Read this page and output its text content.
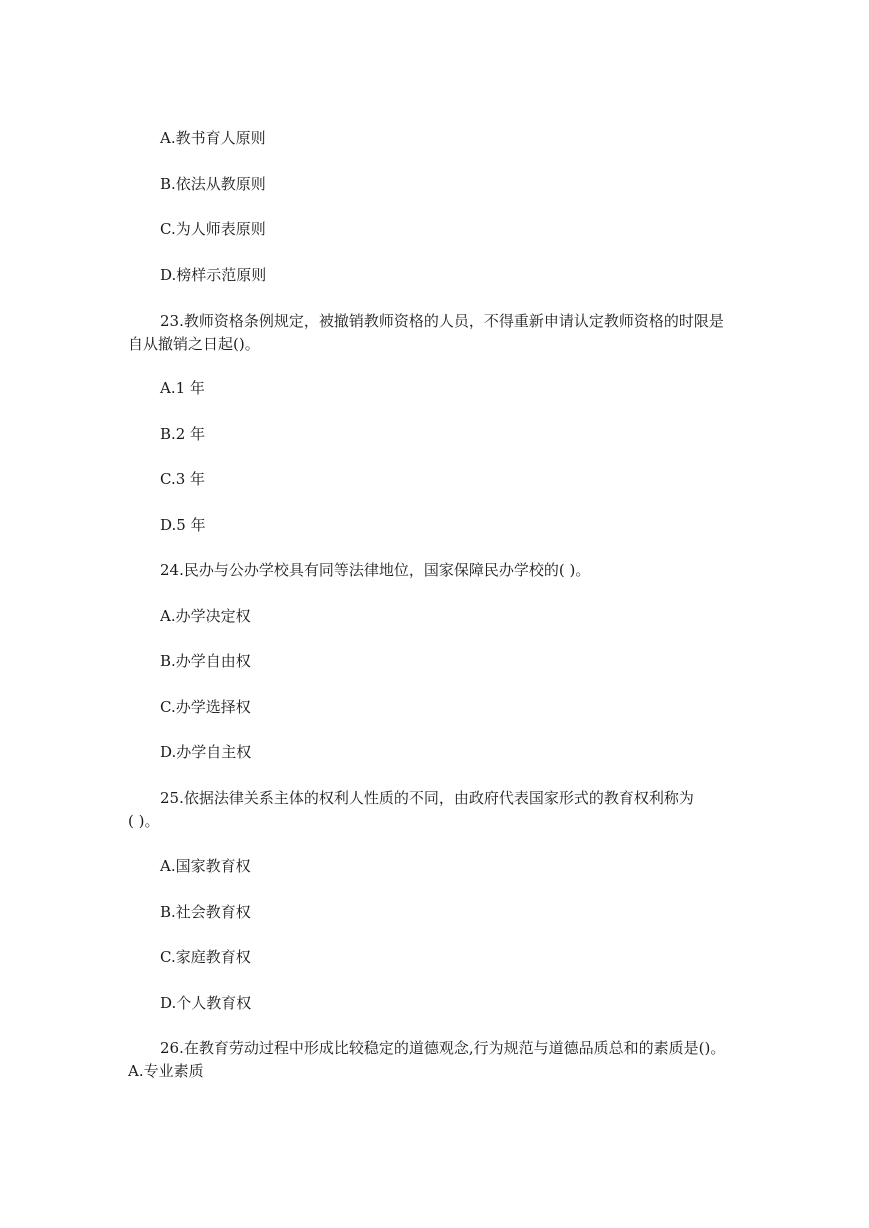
A.教书育人原则
B.依法从教原则
C.为人师表原则
D.榜样示范原则
23.教师资格条例规定，被撤销教师资格的人员，不得重新申请认定教师资格的时限是
自从撤销之日起()。
A.1 年
B.2 年
C.3 年
D.5 年
24.民办与公办学校具有同等法律地位，国家保障民办学校的( )。
A.办学决定权
B.办学自由权
C.办学选择权
D.办学自主权
25.依据法律关系主体的权利人性质的不同，由政府代表国家形式的教育权利称为
( )。
A.国家教育权
B.社会教育权
C.家庭教育权
D.个人教育权
26.在教育劳动过程中形成比较稳定的道德观念,行为规范与道德品质总和的素质是()。
A.专业素质
